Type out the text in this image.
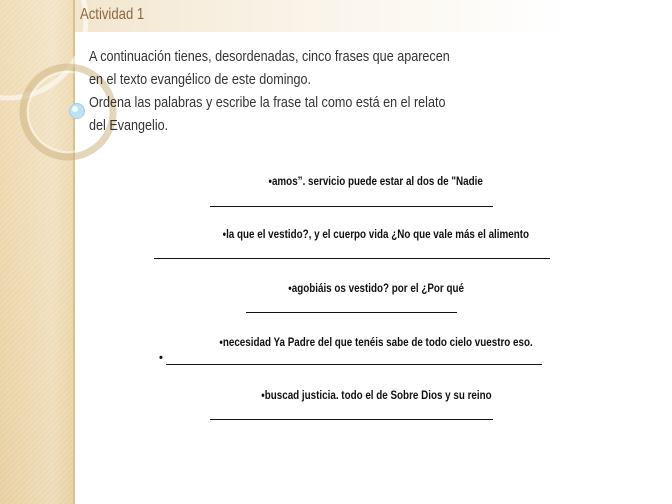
Actividad 1
A continuación tienes, desordenadas, cinco frases que aparecen
en el texto evangélico de este domingo.
Ordena las palabras y escribe la frase tal como está en el relato
del Evangelio.
•amos”. servicio puede estar al dos de "Nadie
•la que el vestido?, y el cuerpo vida ¿No que vale más el alimento
•agobiáis os vestido? por el ¿Por qué
•necesidad Ya Padre del que tenéis sabe de todo cielo vuestro eso.
•
•buscad justicia. todo el de Sobre Dios y su reino
